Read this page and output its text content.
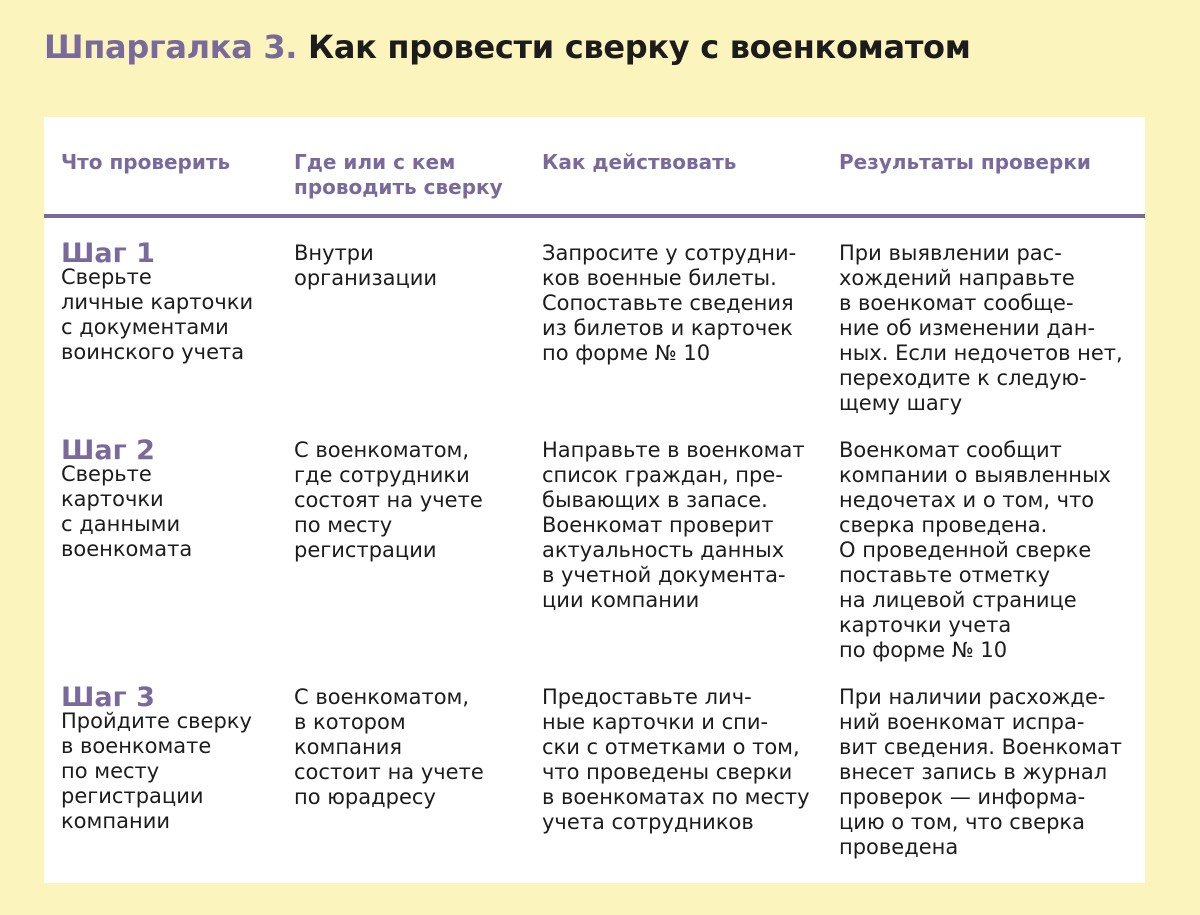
Шпаргалка 3. Как провести сверку с военкоматом
Что проверить	Где или с кем
проводить сверку
Как действовать	Результаты проверки
Шаг 1
Сверьте
личные карточки
с документами
воинского учета
Внутри
организации
Запросите у сотрудни-
ков военные билеты.
Сопоставьте сведения
из билетов и карточек
по форме № 10
При выявлении рас-
хождений направьте
в военкомат сообще-
ние об изменении дан-
ных. Если недочетов нет,
переходите к следую-
щему шагу
Шаг 2
Сверьте
карточки
с данными
военкомата
С военкоматом,
где сотрудники
состоят на учете
по месту
регистрации
Направьте в военкомат
список граждан, пре-
бывающих в запасе.
Военкомат проверит
актуальность данных
в учетной документа-
ции компании
Военкомат сообщит
компании о выявленных
недочетах и о том, что
сверка проведена.
О проведенной сверке
поставьте отметку
на лицевой странице
карточки учета
по форме № 10
Шаг 3
Пройдите сверку
в военкомате
по месту
регистрации
компании
С военкоматом,
в котором
компания
состоит на учете
по юрадресу
Предоставьте лич-
ные карточки и спи-
ски с отметками о том,
что проведены сверки
в военкоматах по месту
учета сотрудников
При наличии расхожде-
ний военкомат испра-
вит сведения. Военкомат
внесет запись в журнал
проверок — информа-
цию о том, что сверка
проведена
